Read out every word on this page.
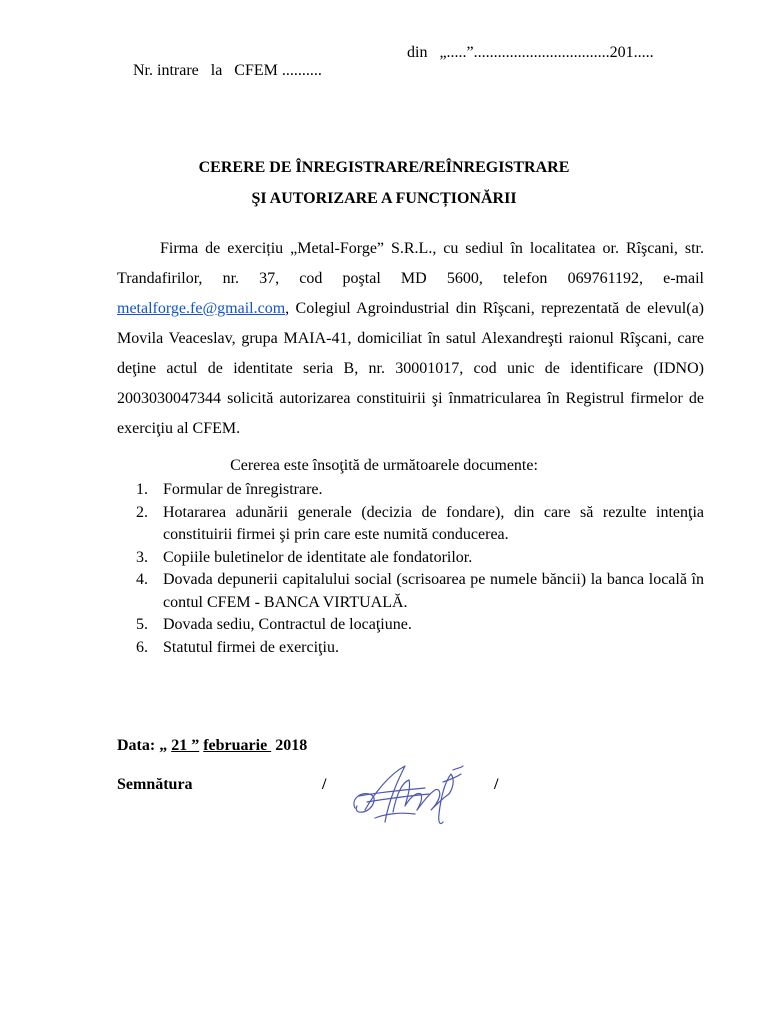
Nr. intrare   la   CFEM ..........

din   „.....”..................................201.....

CERERE DE ÎNREGISTRARE/REÎNREGISTRARE
ŞI AUTORIZARE A FUNCȚIONĂRII

Firma de exercițiu „Metal-Forge” S.R.L., cu sediul în localitatea or. Rîşcani, str. Trandafirilor, nr. 37, cod poştal MD 5600, telefon 069761192, e-mail metalforge.fe@gmail.com, Colegiul Agroindustrial din Rîşcani, reprezentată de elevul(a) Movila Veaceslav, grupa MAIA-41, domiciliat în satul Alexandreşti raionul Rîşcani, care deţine actul de identitate seria B, nr. 30001017, cod unic de identificare (IDNO) 2003030047344 solicită autorizarea constituirii şi înmatricularea în Registrul firmelor de exerciţiu al CFEM.

Cererea este însoţită de următoarele documente:
1. Formular de înregistrare.
2. Hotararea adunării generale (decizia de fondare), din care să rezulte intenţia constituirii firmei şi prin care este numită conducerea.
3. Copiile buletinelor de identitate ale fondatorilor.
4. Dovada depunerii capitalului social (scrisoarea pe numele băncii) la banca locală în contul CFEM - BANCA VIRTUALĂ.
5. Dovada sediu, Contractul de locaţiune.
6. Statutul firmei de exerciţiu.
Data: „ 21 ” februarie  2018
Semnătura	/	/
